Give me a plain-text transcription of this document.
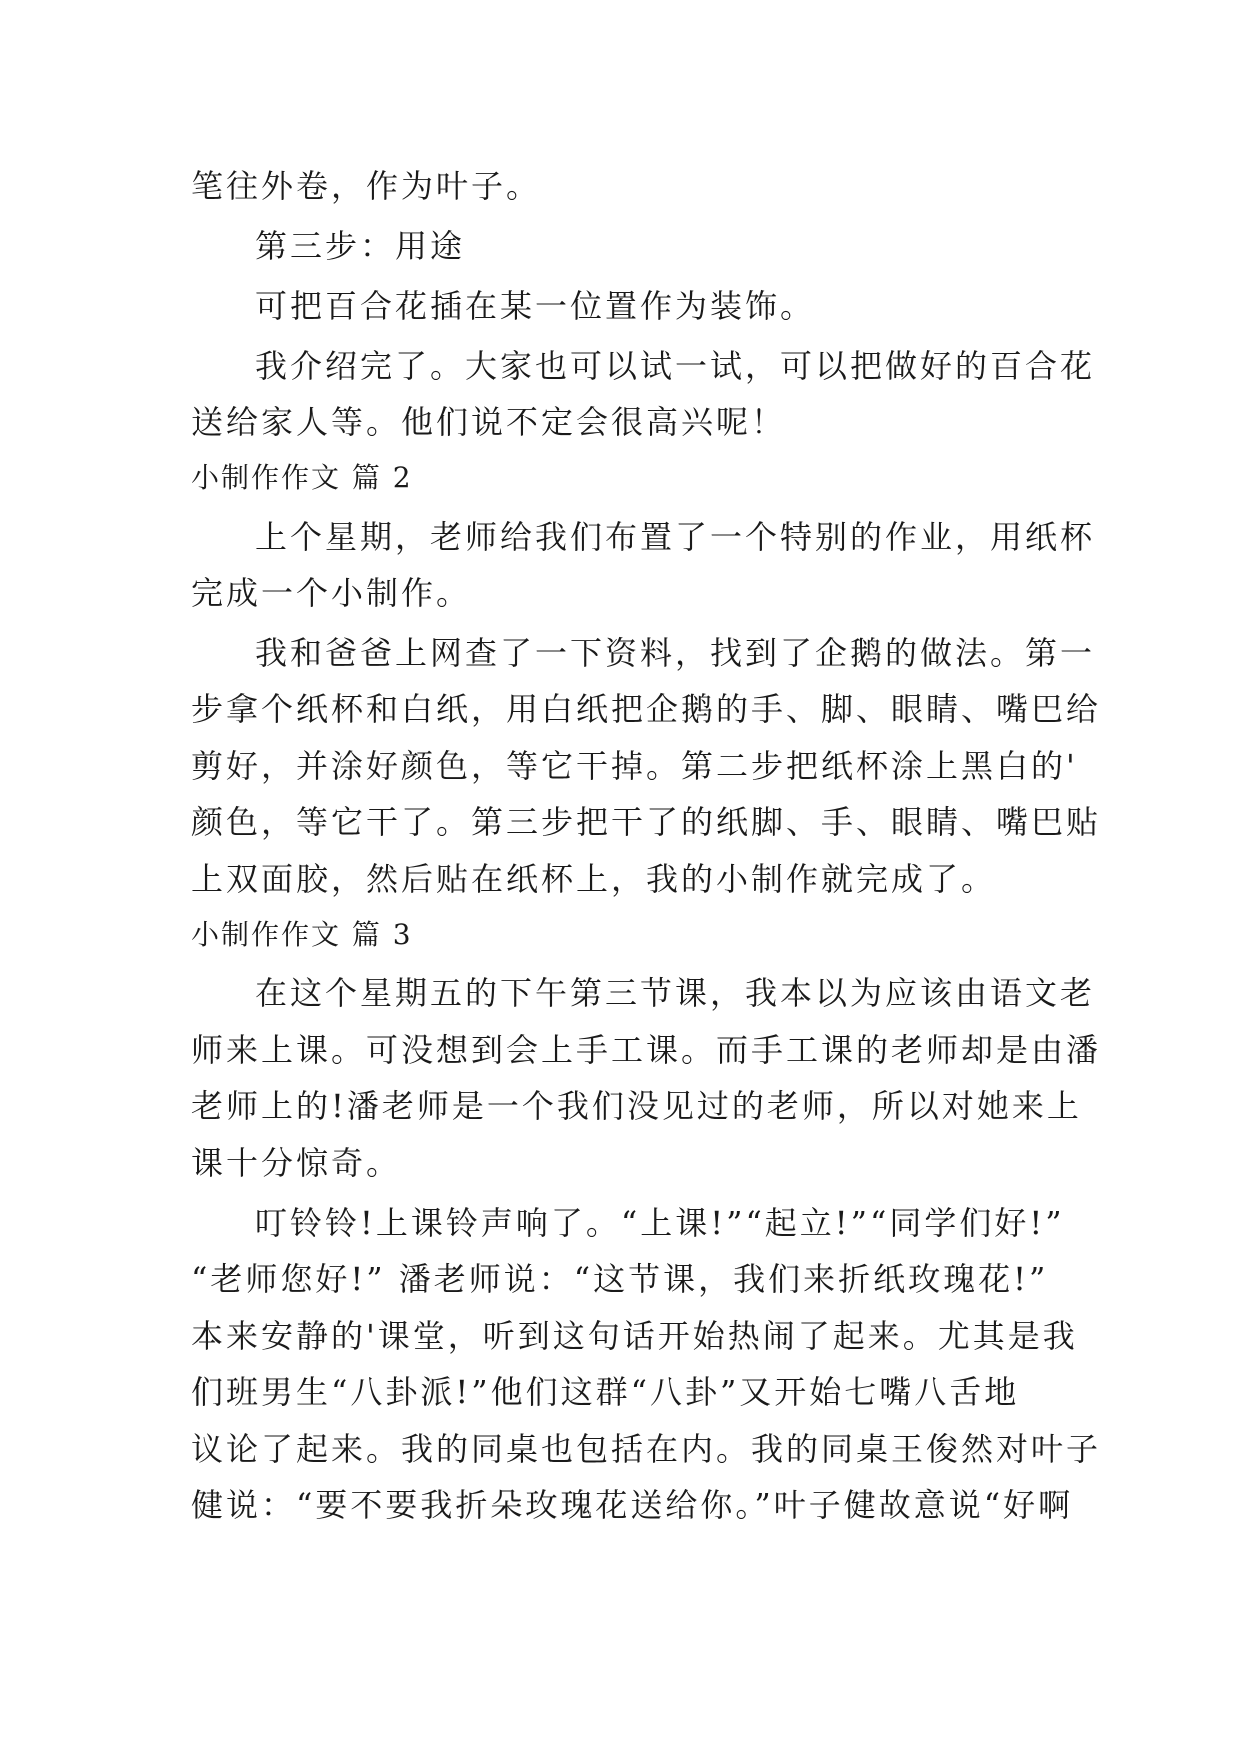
笔往外卷，作为叶子。
第三步：用途
可把百合花插在某一位置作为装饰。
我介绍完了。大家也可以试一试，可以把做好的百合花
送给家人等。他们说不定会很高兴呢！
小制作作文 篇 2
上个星期，老师给我们布置了一个特别的作业，用纸杯
完成一个小制作。
我和爸爸上网查了一下资料，找到了企鹅的做法。第一
步拿个纸杯和白纸，用白纸把企鹅的手、脚、眼睛、嘴巴给
剪好，并涂好颜色，等它干掉。第二步把纸杯涂上黑白的'
颜色，等它干了。第三步把干了的纸脚、手、眼睛、嘴巴贴
上双面胶，然后贴在纸杯上，我的小制作就完成了。
小制作作文 篇 3
在这个星期五的下午第三节课，我本以为应该由语文老
师来上课。可没想到会上手工课。而手工课的老师却是由潘
老师上的!潘老师是一个我们没见过的老师，所以对她来上
课十分惊奇。
叮铃铃!上课铃声响了。“上课!”“起立!”“同学们好!”
“老师您好!” 潘老师说：“这节课，我们来折纸玫瑰花!”
本来安静的'课堂，听到这句话开始热闹了起来。尤其是我
们班男生“八卦派!”他们这群“八卦”又开始七嘴八舌地
议论了起来。我的同桌也包括在内。我的同桌王俊然对叶子
健说：“要不要我折朵玫瑰花送给你。”叶子健故意说“好啊
